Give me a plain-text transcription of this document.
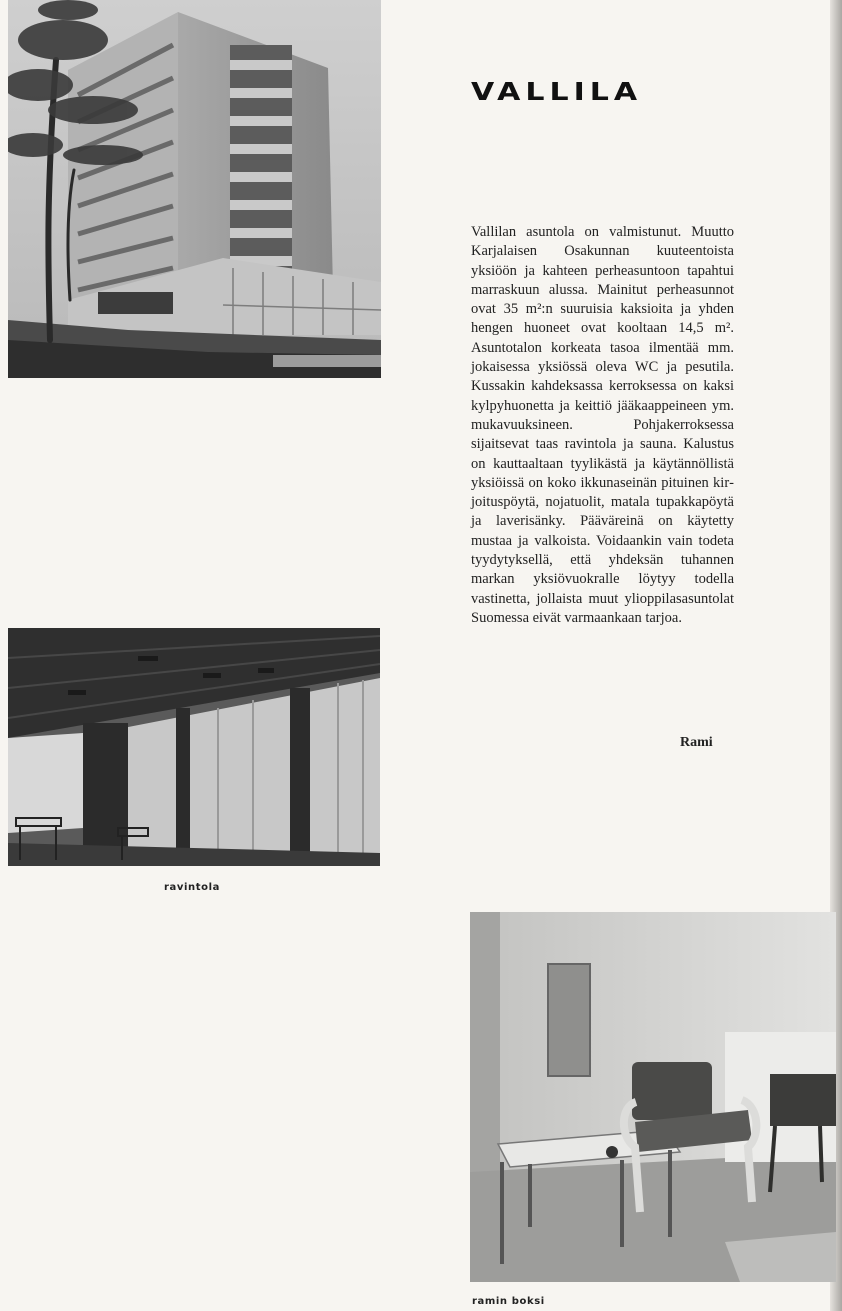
VALLILA

Vallilan asuntola on valmistunut. Muutto Karjalaisen Osakunnan kuuteentoista yksiöön ja kahteen perheasuntoon tapahtui marraskuun alussa. Mainitut perheasunnot ovat 35 m²:n suuruisia kaksioita ja yhden hengen huoneet ovat kooltaan 14,5 m². Asuntotalon korkeata tasoa ilmentää mm. jokaisessa yksiössä oleva WC ja pesutila. Kussakin kahdeksassa kerroksessa on kaksi kylpyhuonetta ja keittiö jääkaappeineen ym. mukavuuksineen. Pohjakerroksessa sijaitsevat taas ravintola ja sauna. Kalustus on kauttaaltaan tyylikästä ja käytännöllistä yksiöissä on koko ikkunaseinän pituinen kirjoituspöytä, nojatuolit, matala tupakkapöytä ja laverisänky. Pääväreinä on käytetty mustaa ja valkoista. Voidaankin vain todeta tyydytyksellä, että yhdeksän tuhannen markan yksiövuokralle löytyy todella vastinetta, jollaista muut ylioppilasasuntolat Suomessa eivät varmaankaan tarjoa.

Rami

ravintola

ramin boksi
